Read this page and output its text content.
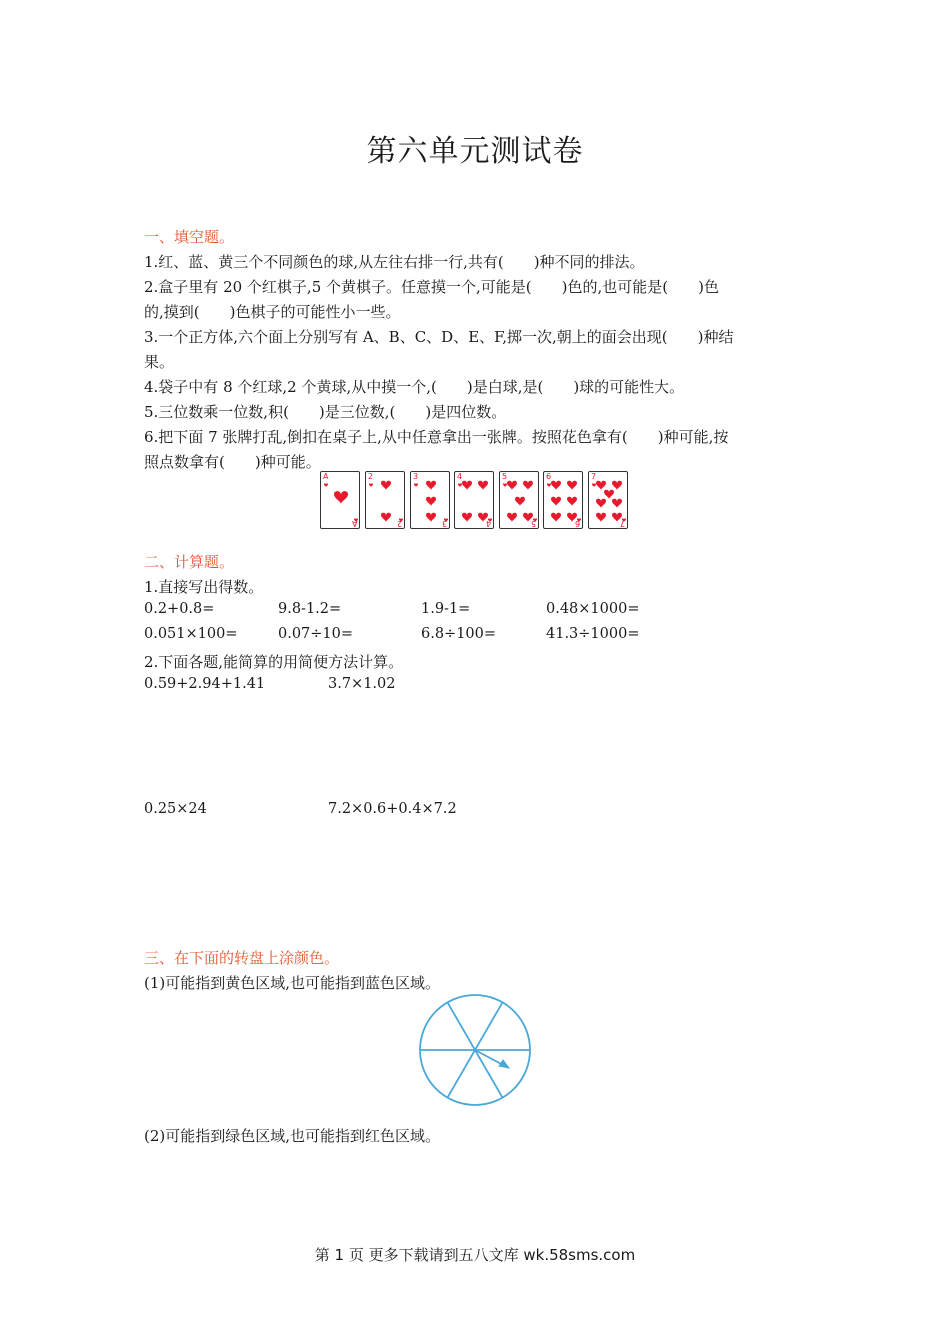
第六单元测试卷
一、填空题。
1.红、蓝、黄三个不同颜色的球,从左往右排一行,共有(　　)种不同的排法。
2.盒子里有 20 个红棋子,5 个黄棋子。任意摸一个,可能是(　　)色的,也可能是(　　)色
的,摸到(　　)色棋子的可能性小一些。
3.一个正方体,六个面上分别写有 A、B、C、D、E、F,掷一次,朝上的面会出现(　　)种结
果。
4.袋子中有 8 个红球,2 个黄球,从中摸一个,(　　)是白球,是(　　)球的可能性大。
5.三位数乘一位数,积(　　)是三位数,(　　)是四位数。
6.把下面 7 张牌打乱,倒扣在桌子上,从中任意拿出一张牌。按照花色拿有(　　)种可能,按
照点数拿有(　　)种可能。
A
A
2
2
3
3
4
4
5
5
6
6
7
7
二、计算题。
1.直接写出得数。
0.2+0.8=	9.8-1.2=	1.9-1=	0.48×1000=
0.051×100=	0.07÷10=	6.8÷100=	41.3÷1000=
2.下面各题,能简算的用简便方法计算。
0.59+2.94+1.41	3.7×1.02
0.25×24	7.2×0.6+0.4×7.2
三、在下面的转盘上涂颜色。
(1)可能指到黄色区域,也可能指到蓝色区域。
(2)可能指到绿色区域,也可能指到红色区域。
第 1 页 更多下载请到五八文库 wk.58sms.com
